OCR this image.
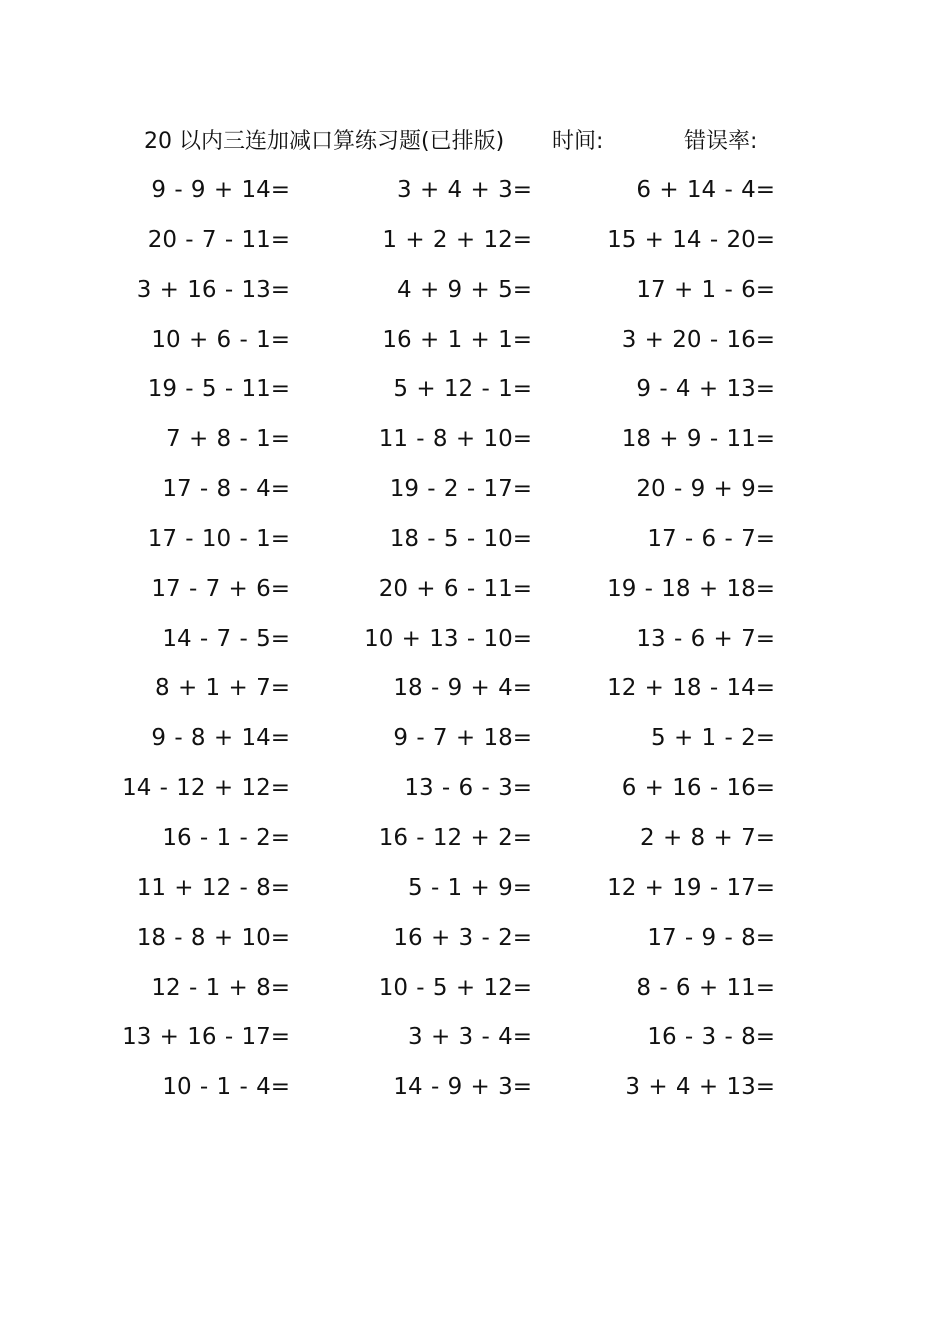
20 以内三连加减口算练习题(已排版) 时间:	错误率:
9 - 9 + 14=	3 + 4 + 3=	6 + 14 - 4=
20 - 7 - 11=	1 + 2 + 12=	15 + 14 - 20=
3 + 16 - 13=	4 + 9 + 5=	17 + 1 - 6=
10 + 6 - 1=	16 + 1 + 1=	3 + 20 - 16=
19 - 5 - 11=	5 + 12 - 1=	9 - 4 + 13=
7 + 8 - 1=	11 - 8 + 10=	18 + 9 - 11=
17 - 8 - 4=	19 - 2 - 17=	20 - 9 + 9=
17 - 10 - 1=	18 - 5 - 10=	17 - 6 - 7=
17 - 7 + 6=	20 + 6 - 11=	19 - 18 + 18=
14 - 7 - 5=	10 + 13 - 10=	13 - 6 + 7=
8 + 1 + 7=	18 - 9 + 4=	12 + 18 - 14=
9 - 8 + 14=	9 - 7 + 18=	5 + 1 - 2=
14 - 12 + 12=	13 - 6 - 3=	6 + 16 - 16=
16 - 1 - 2=	16 - 12 + 2=	2 + 8 + 7=
11 + 12 - 8=	5 - 1 + 9=	12 + 19 - 17=
18 - 8 + 10=	16 + 3 - 2=	17 - 9 - 8=
12 - 1 + 8=	10 - 5 + 12=	8 - 6 + 11=
13 + 16 - 17=	3 + 3 - 4=	16 - 3 - 8=
10 - 1 - 4=	14 - 9 + 3=	3 + 4 + 13=
